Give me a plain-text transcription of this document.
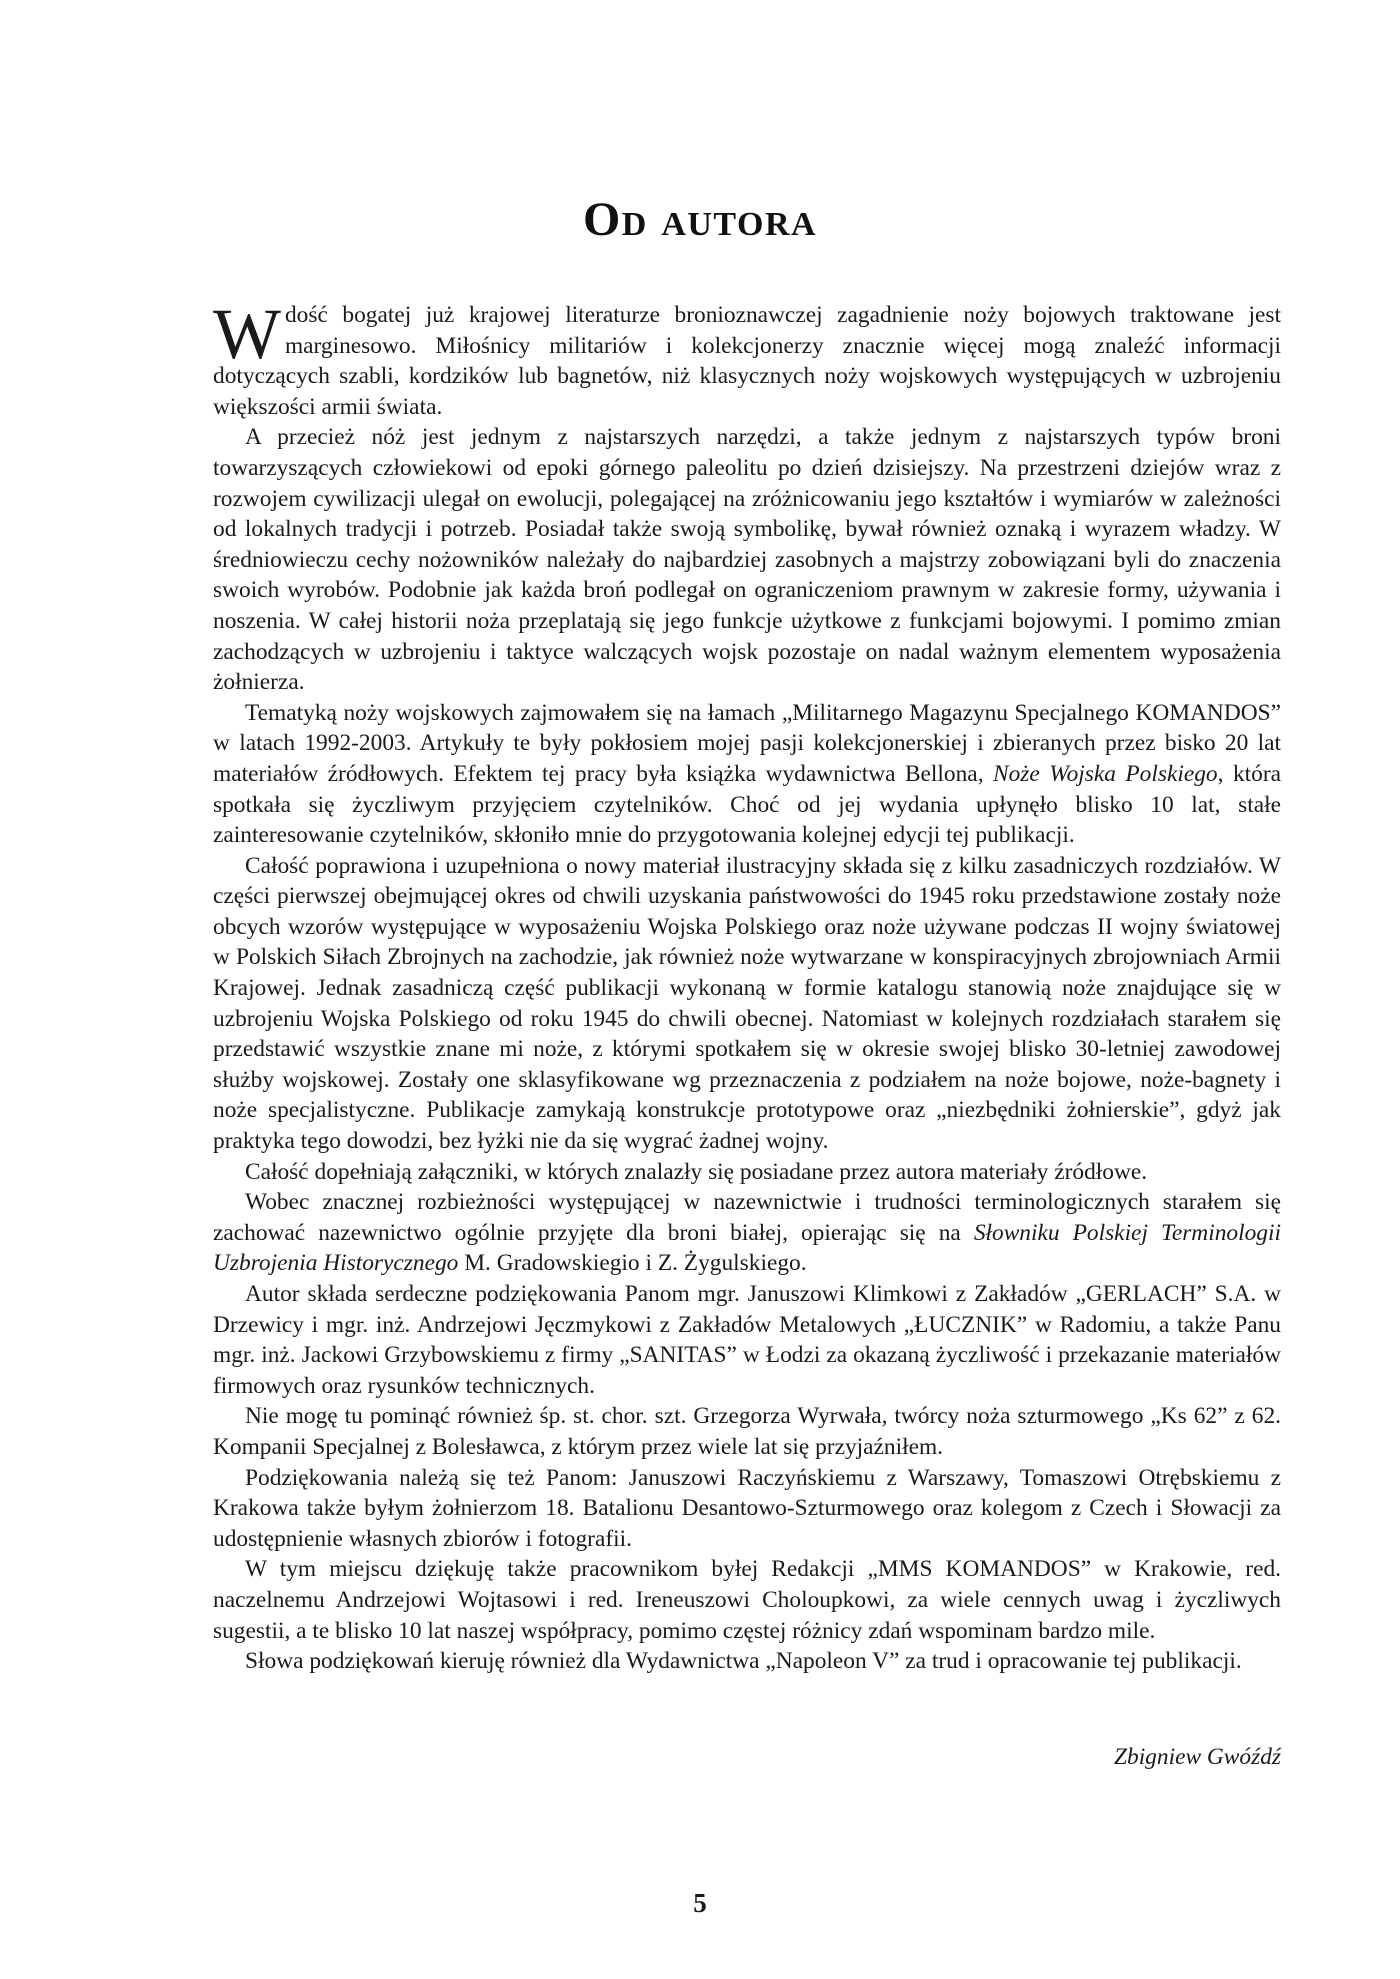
Od autora

Wdość bogatej już krajowej literaturze bronioznawczej zagadnienie noży bojowych traktowane jest marginesowo. Miłośnicy militariów i kolekcjonerzy znacznie więcej mogą znaleźć informacji dotyczących szabli, kordzików lub bagnetów, niż klasycznych noży wojskowych występujących w uzbrojeniu większości armii świata.

A przecież nóż jest jednym z najstarszych narzędzi, a także jednym z najstarszych typów broni towarzyszących człowiekowi od epoki górnego paleolitu po dzień dzisiejszy. Na przestrzeni dziejów wraz z rozwojem cywilizacji ulegał on ewolucji, polegającej na zróżnicowaniu jego kształtów i wymiarów w zależności od lokalnych tradycji i potrzeb. Posiadał także swoją symbolikę, bywał również oznaką i wyrazem władzy. W średniowieczu cechy nożowników należały do najbardziej zasobnych a majstrzy zobowiązani byli do znaczenia swoich wyrobów. Podobnie jak każda broń podlegał on ograniczeniom prawnym w zakresie formy, używania i noszenia. W całej historii noża przeplatają się jego funkcje użytkowe z funkcjami bojowymi. I pomimo zmian zachodzących w uzbrojeniu i taktyce walczących wojsk pozostaje on nadal ważnym elementem wyposażenia żołnierza.

Tematyką noży wojskowych zajmowałem się na łamach „Militarnego Magazynu Specjalnego KOMANDOS” w latach 1992-2003. Artykuły te były pokłosiem mojej pasji kolekcjonerskiej i zbieranych przez bisko 20 lat materiałów źródłowych. Efektem tej pracy była książka wydawnictwa Bellona, Noże Wojska Polskiego, która spotkała się życzliwym przyjęciem czytelników. Choć od jej wydania upłynęło blisko 10 lat, stałe zainteresowanie czytelników, skłoniło mnie do przygotowania kolejnej edycji tej publikacji.

Całość poprawiona i uzupełniona o nowy materiał ilustracyjny składa się z kilku zasadniczych rozdziałów. W części pierwszej obejmującej okres od chwili uzyskania państwowości do 1945 roku przedstawione zostały noże obcych wzorów występujące w wyposażeniu Wojska Polskiego oraz noże używane podczas II wojny światowej w Polskich Siłach Zbrojnych na zachodzie, jak również noże wytwarzane w konspiracyjnych zbrojowniach Armii Krajowej. Jednak zasadniczą część publikacji wykonaną w formie katalogu stanowią noże znajdujące się w uzbrojeniu Wojska Polskiego od roku 1945 do chwili obecnej. Natomiast w kolejnych rozdziałach starałem się przedstawić wszystkie znane mi noże, z którymi spotkałem się w okresie swojej blisko 30-letniej zawodowej służby wojskowej. Zostały one sklasyfikowane wg przeznaczenia z podziałem na noże bojowe, noże-bagnety i noże specjalistyczne. Publikacje zamykają konstrukcje prototypowe oraz „niezbędniki żołnierskie”, gdyż jak praktyka tego dowodzi, bez łyżki nie da się wygrać żadnej wojny.

Całość dopełniają załączniki, w których znalazły się posiadane przez autora materiały źródłowe.

Wobec znacznej rozbieżności występującej w nazewnictwie i trudności terminologicznych starałem się zachować nazewnictwo ogólnie przyjęte dla broni białej, opierając się na Słowniku Polskiej Terminologii Uzbrojenia Historycznego M. Gradowskiegio i Z. Żygulskiego.

Autor składa serdeczne podziękowania Panom mgr. Januszowi Klimkowi z Zakładów „GERLACH” S.A. w Drzewicy i mgr. inż. Andrzejowi Jęczmykowi z Zakładów Metalowych „ŁUCZNIK” w Radomiu, a także Panu mgr. inż. Jackowi Grzybowskiemu z firmy „SANITAS” w Łodzi za okazaną życzliwość i przekazanie materiałów firmowych oraz rysunków technicznych.

Nie mogę tu pominąć również śp. st. chor. szt. Grzegorza Wyrwała, twórcy noża szturmowego „Ks 62” z 62. Kompanii Specjalnej z Bolesławca, z którym przez wiele lat się przyjaźniłem.

Podziękowania należą się też Panom: Januszowi Raczyńskiemu z Warszawy, Tomaszowi Otrębskiemu z Krakowa także byłym żołnierzom 18. Batalionu Desantowo-Szturmowego oraz kolegom z Czech i Słowacji za udostępnienie własnych zbiorów i fotografii.

W tym miejscu dziękuję także pracownikom byłej Redakcji „MMS KOMANDOS” w Krakowie, red. naczelnemu Andrzejowi Wojtasowi i red. Ireneuszowi Choloupkowi, za wiele cennych uwag i życzliwych sugestii, a te blisko 10 lat naszej współpracy, pomimo częstej różnicy zdań wspominam bardzo mile.

Słowa podziękowań kieruję również dla Wydawnictwa „Napoleon V” za trud i opracowanie tej publikacji.

Zbigniew Gwóźdź

5
